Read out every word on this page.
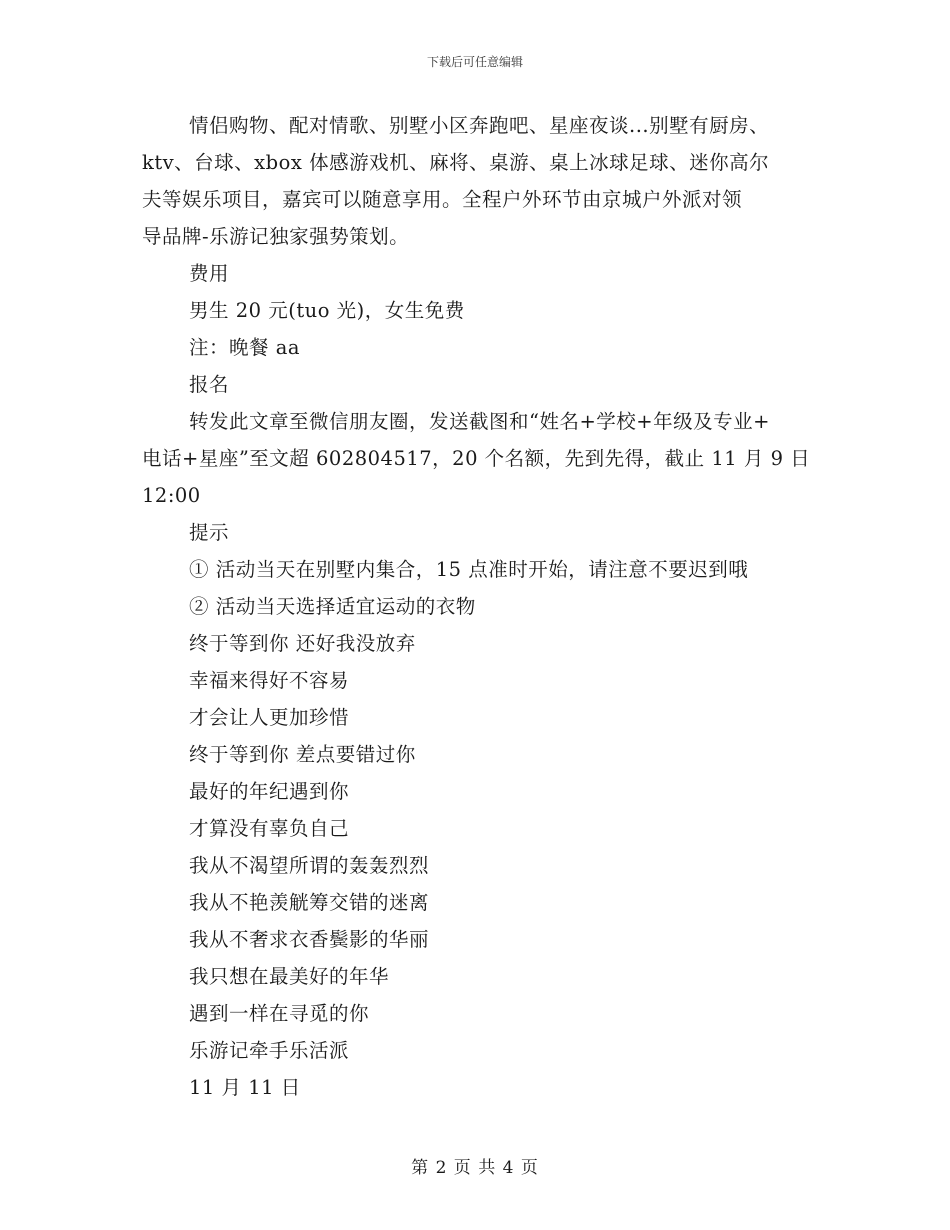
下载后可任意编辑
情侣购物、配对情歌、别墅小区奔跑吧、星座夜谈...别墅有厨房、
ktv、台球、xbox 体感游戏机、麻将、桌游、桌上冰球足球、迷你高尔
夫等娱乐项目，嘉宾可以随意享用。全程户外环节由京城户外派对领
导品牌-乐游记独家强势策划。
费用
男生 20 元(tuo 光)，女生免费
注：晚餐 aa
报名
转发此文章至微信朋友圈，发送截图和“姓名+学校+年级及专业+
电话+星座”至文超 602804517，20 个名额，先到先得，截止 11 月 9 日
12:00
提示
① 活动当天在别墅内集合，15 点准时开始，请注意不要迟到哦
② 活动当天选择适宜运动的衣物
终于等到你 还好我没放弃
幸福来得好不容易
才会让人更加珍惜
终于等到你 差点要错过你
最好的年纪遇到你
才算没有辜负自己
我从不渴望所谓的轰轰烈烈
我从不艳羡觥筹交错的迷离
我从不奢求衣香鬓影的华丽
我只想在最美好的年华
遇到一样在寻觅的你
乐游记牵手乐活派
11 月 11 日
第 2 页 共 4 页
